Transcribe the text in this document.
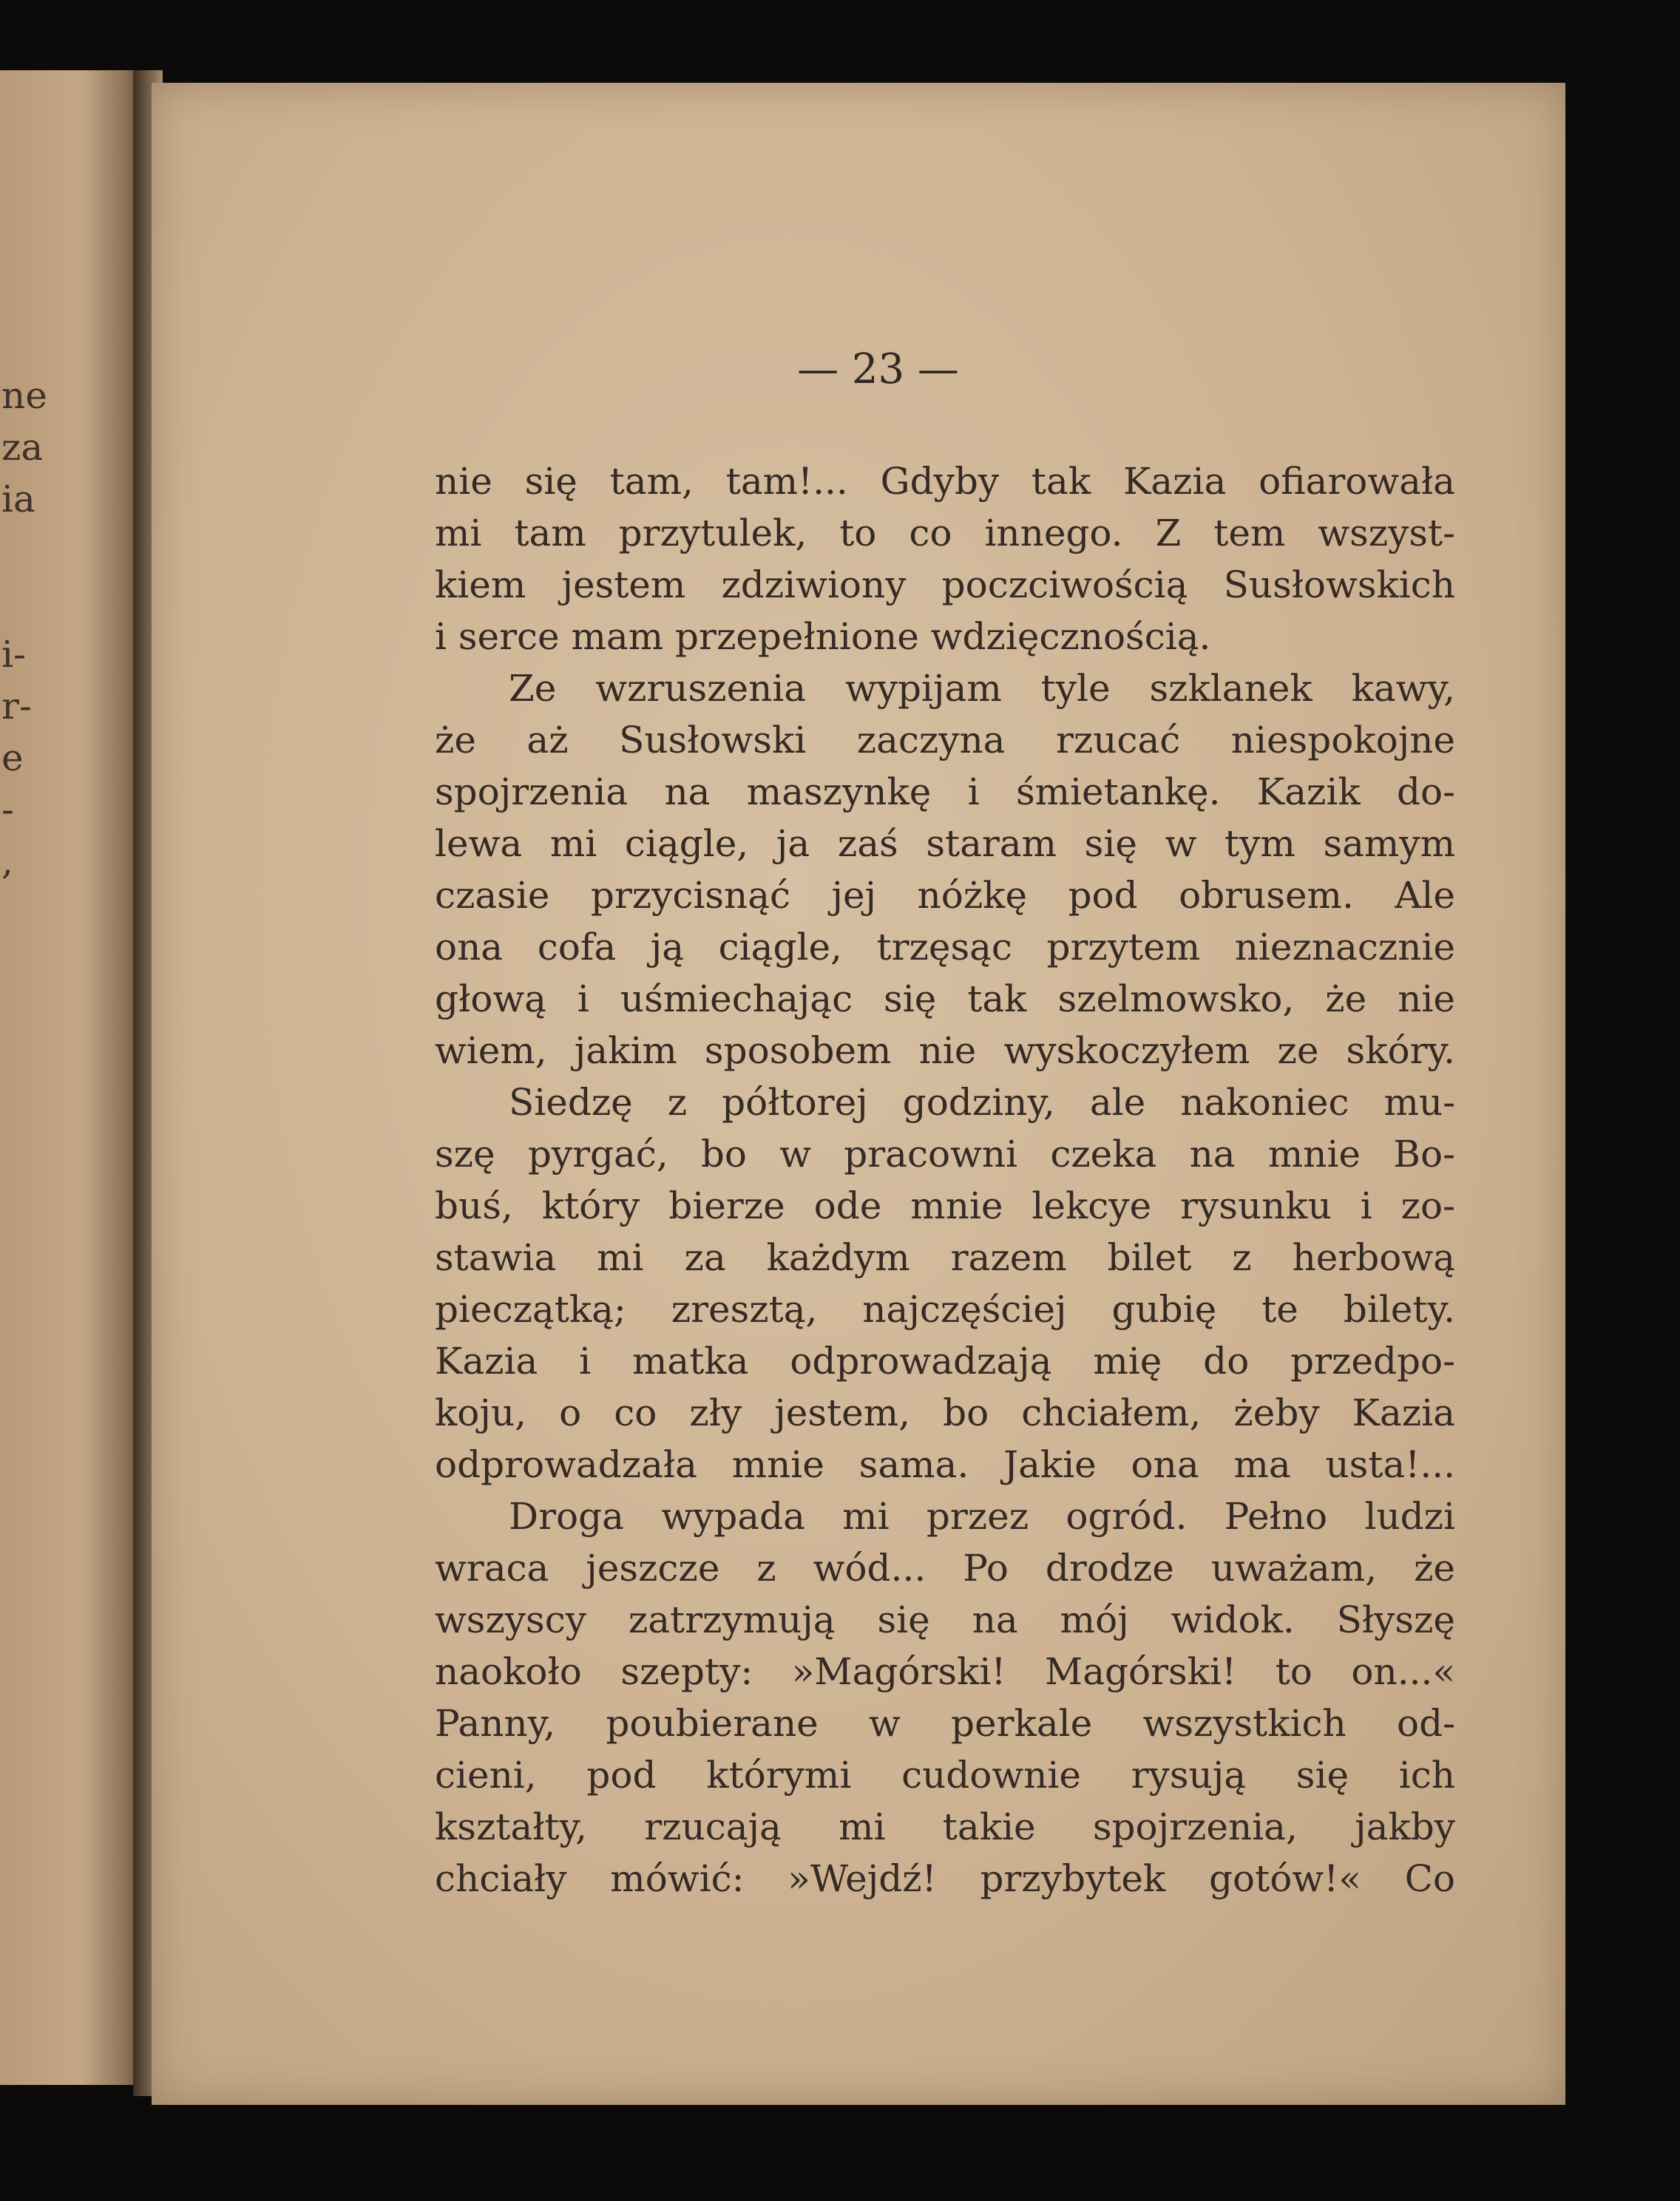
ne
za
ia
i-
r-
e
-
,

— 23 —

nie się tam, tam!... Gdyby tak Kazia ofiarowała
mi tam przytulek, to co innego. Z tem wszyst-
kiem jestem zdziwiony poczciwością Susłowskich
i serce mam przepełnione wdzięcznością.
Ze wzruszenia wypijam tyle szklanek kawy,
że aż Susłowski zaczyna rzucać niespokojne
spojrzenia na maszynkę i śmietankę. Kazik do-
lewa mi ciągle, ja zaś staram się w tym samym
czasie przycisnąć jej nóżkę pod obrusem. Ale
ona cofa ją ciągle, trzęsąc przytem nieznacznie
głową i uśmiechając się tak szelmowsko, że nie
wiem, jakim sposobem nie wyskoczyłem ze skóry.
Siedzę z półtorej godziny, ale nakoniec mu-
szę pyrgać, bo w pracowni czeka na mnie Bo-
buś, który bierze ode mnie lekcye rysunku i zo-
stawia mi za każdym razem bilet z herbową
pieczątką; zresztą, najczęściej gubię te bilety.
Kazia i matka odprowadzają mię do przedpo-
koju, o co zły jestem, bo chciałem, żeby Kazia
odprowadzała mnie sama. Jakie ona ma usta!...
Droga wypada mi przez ogród. Pełno ludzi
wraca jeszcze z wód... Po drodze uważam, że
wszyscy zatrzymują się na mój widok. Słyszę
naokoło szepty: »Magórski! Magórski! to on...«
Panny, poubierane w perkale wszystkich od-
cieni, pod którymi cudownie rysują się ich
kształty, rzucają mi takie spojrzenia, jakby
chciały mówić: »Wejdź! przybytek gotów!« Co
